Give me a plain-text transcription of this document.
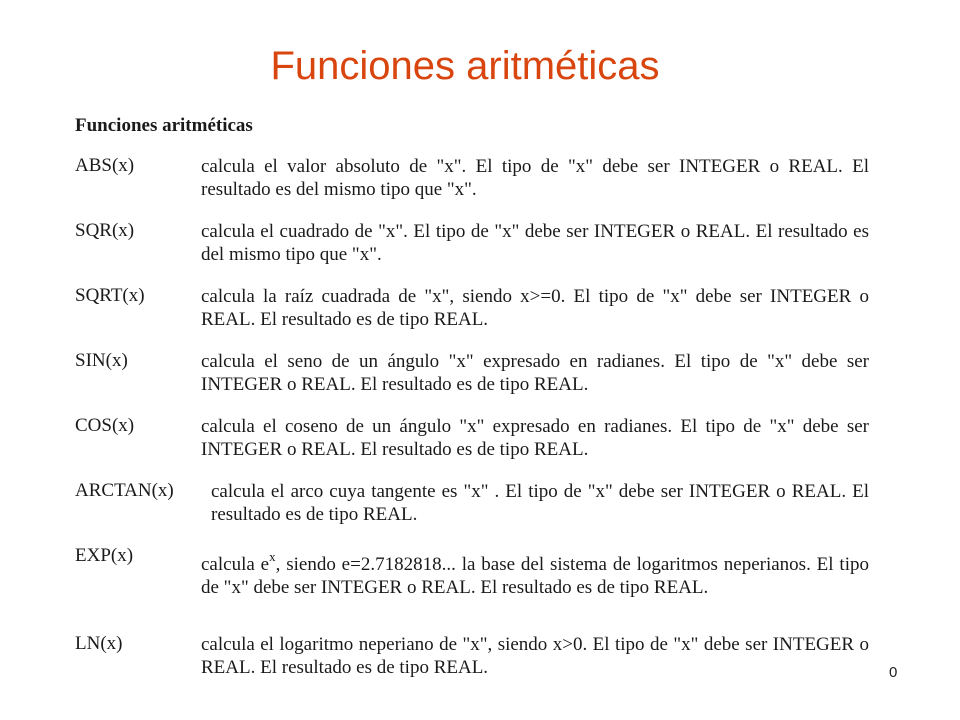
Funciones aritméticas
Funciones aritméticas
ABS(x)	calcula el valor absoluto de "x". El tipo de "x" debe ser INTEGER o REAL. El resultado es del mismo tipo que "x".
SQR(x)	calcula el cuadrado de "x". El tipo de "x" debe ser INTEGER o REAL. El resultado es del mismo tipo que "x".
SQRT(x)	calcula la raíz cuadrada de "x", siendo x>=0. El tipo de "x" debe ser INTEGER o REAL. El resultado es de tipo REAL.
SIN(x)	calcula el seno de un ángulo "x" expresado en radianes. El tipo de "x" debe ser INTEGER o REAL. El resultado es de tipo REAL.
COS(x)	calcula el coseno de un ángulo "x" expresado en radianes. El tipo de "x" debe ser INTEGER o REAL. El resultado es de tipo REAL.
ARCTAN(x) calcula el arco cuya tangente es "x" . El tipo de "x" debe ser INTEGER o REAL. El resultado es de tipo REAL.
EXP(x)	calcula $e^x$, siendo e=2.7182818... la base del sistema de logaritmos neperianos. El tipo de "x" debe ser INTEGER o REAL. El resultado es de tipo REAL.
LN(x)	calcula el logaritmo neperiano de "x", siendo x>0. El tipo de "x" debe ser INTEGER o REAL. El resultado es de tipo REAL.	0
